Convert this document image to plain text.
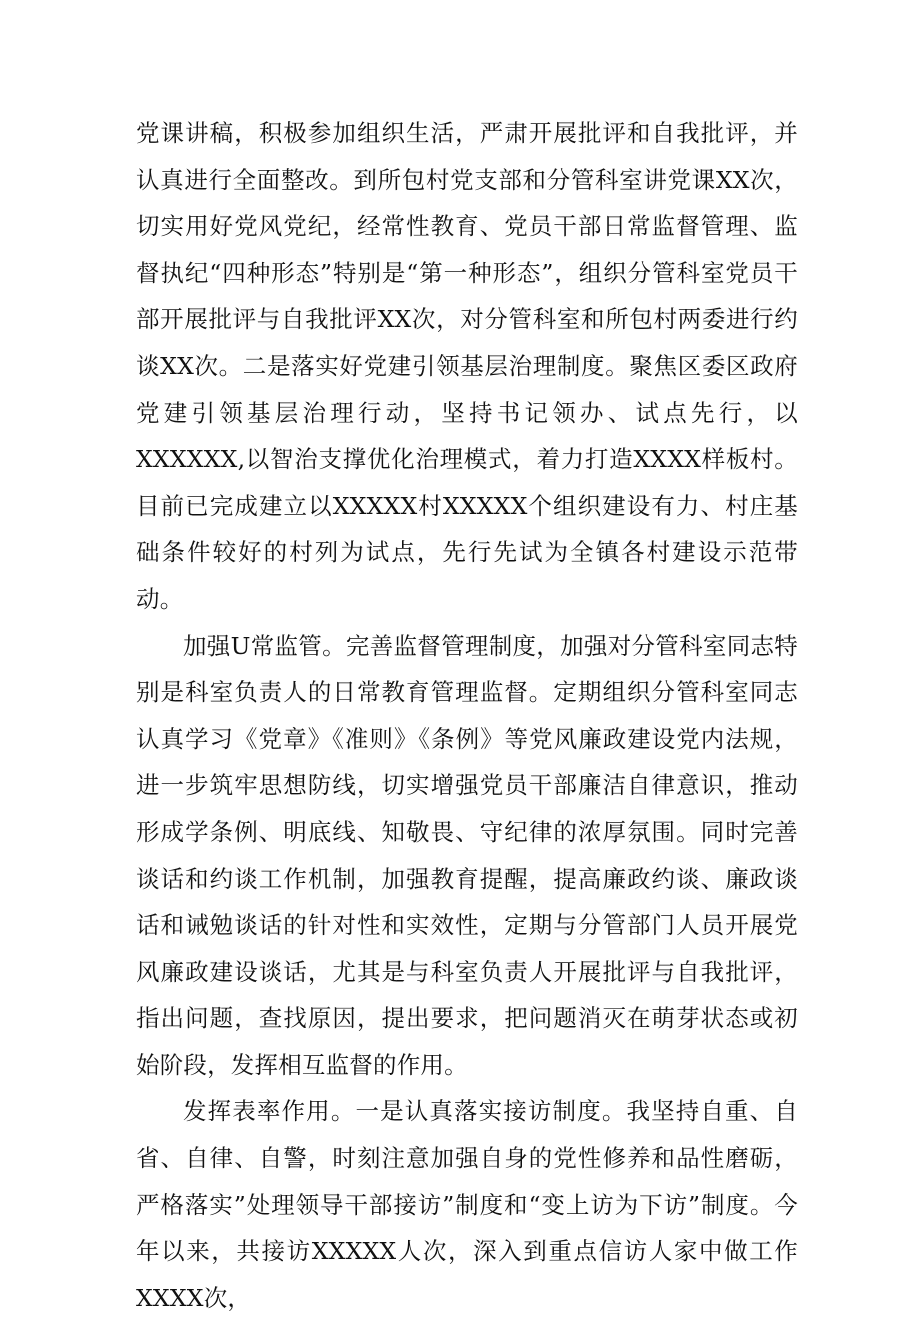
党课讲稿，积极参加组织生活，严肃开展批评和自我批评，并认真进行全面整改。到所包村党支部和分管科室讲党课XX次，切实用好党风党纪，经常性教育、党员干部日常监督管理、监督执纪“四种形态”特别是“第一种形态”，组织分管科室党员干部开展批评与自我批评XX次，对分管科室和所包村两委进行约谈XX次。二是落实好党建引领基层治理制度。聚焦区委区政府党建引领基层治理行动，坚持书记领办、试点先行，以XXXXXX,以智治支撑优化治理模式，着力打造XXXX样板村。目前已完成建立以XXXXX村XXXXX个组织建设有力、村庄基础条件较好的村列为试点，先行先试为全镇各村建设示范带动。

加强U常监管。完善监督管理制度，加强对分管科室同志特别是科室负责人的日常教育管理监督。定期组织分管科室同志认真学习《党章》《准则》《条例》等党风廉政建设党内法规，进一步筑牢思想防线，切实增强党员干部廉洁自律意识，推动形成学条例、明底线、知敬畏、守纪律的浓厚氛围。同时完善谈话和约谈工作机制，加强教育提醒，提高廉政约谈、廉政谈话和诫勉谈话的针对性和实效性，定期与分管部门人员开展党风廉政建设谈话，尤其是与科室负责人开展批评与自我批评，指出问题，查找原因，提出要求，把问题消灭在萌芽状态或初始阶段，发挥相互监督的作用。

发挥表率作用。一是认真落实接访制度。我坚持自重、自省、自律、自警，时刻注意加强自身的党性修养和品性磨砺，严格落实”处理领导干部接访”制度和“变上访为下访”制度。今年以来，共接访XXXXX人次，深入到重点信访人家中做工作XXXX次，
